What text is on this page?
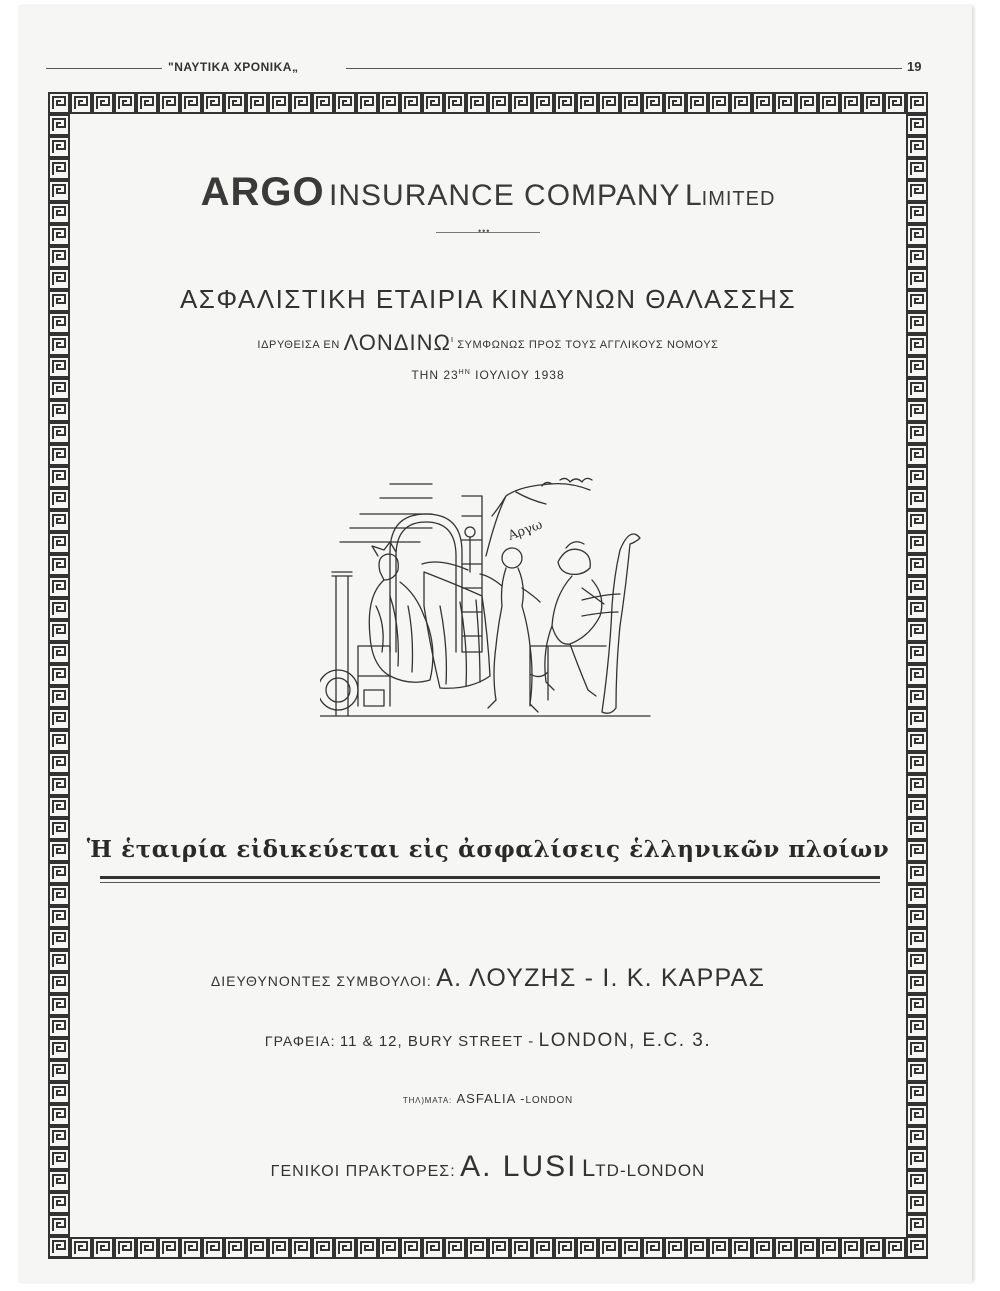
"ΝΑΥΤΙΚΑ ΧΡΟΝΙΚΑ„	19
ARGO INSURANCE COMPANY LIMITED
•••
ΑΣΦΑΛΙΣΤΙΚΗ ΕΤΑΙΡΙΑ ΚΙΝΔΥΝΩΝ ΘΑΛΑΣΣΗΣ
ΙΔΡΥΘΕΙΣΑ ΕΝ $\Lambda ON\Delta IN\Omega^\iota$ ΣΥΜΦΩΝΩΣ ΠΡΟΣ ΤΟΥΣ ΑΓΓΛΙΚΟΥΣ ΝΟΜΟΥΣ
ΤΗΝ $23^{HN}$ ΙΟΥΛΙΟΥ 1938
Αργω
Ἡ ἑταιρία εἰδικεύεται εἰς ἀσφαλίσεις ἑλληνικῶν πλοίων
ΔΙΕΥΘΥΝΟΝΤΕΣ ΣΥΜΒΟΥΛΟΙ: Α. ΛΟΥΖΗΣ - Ι. Κ. ΚΑΡΡΑΣ
ΓΡΑΦΕΙΑ: 11 & 12, BURY STREET - LONDON, E.C. 3.
ΤΗΛ)ΜΑΤΑ: ASFALIA -LONDON
ΓΕΝΙΚΟΙ ΠΡΑΚΤΟΡΕΣ: Α. LUSI LTD-LONDON
